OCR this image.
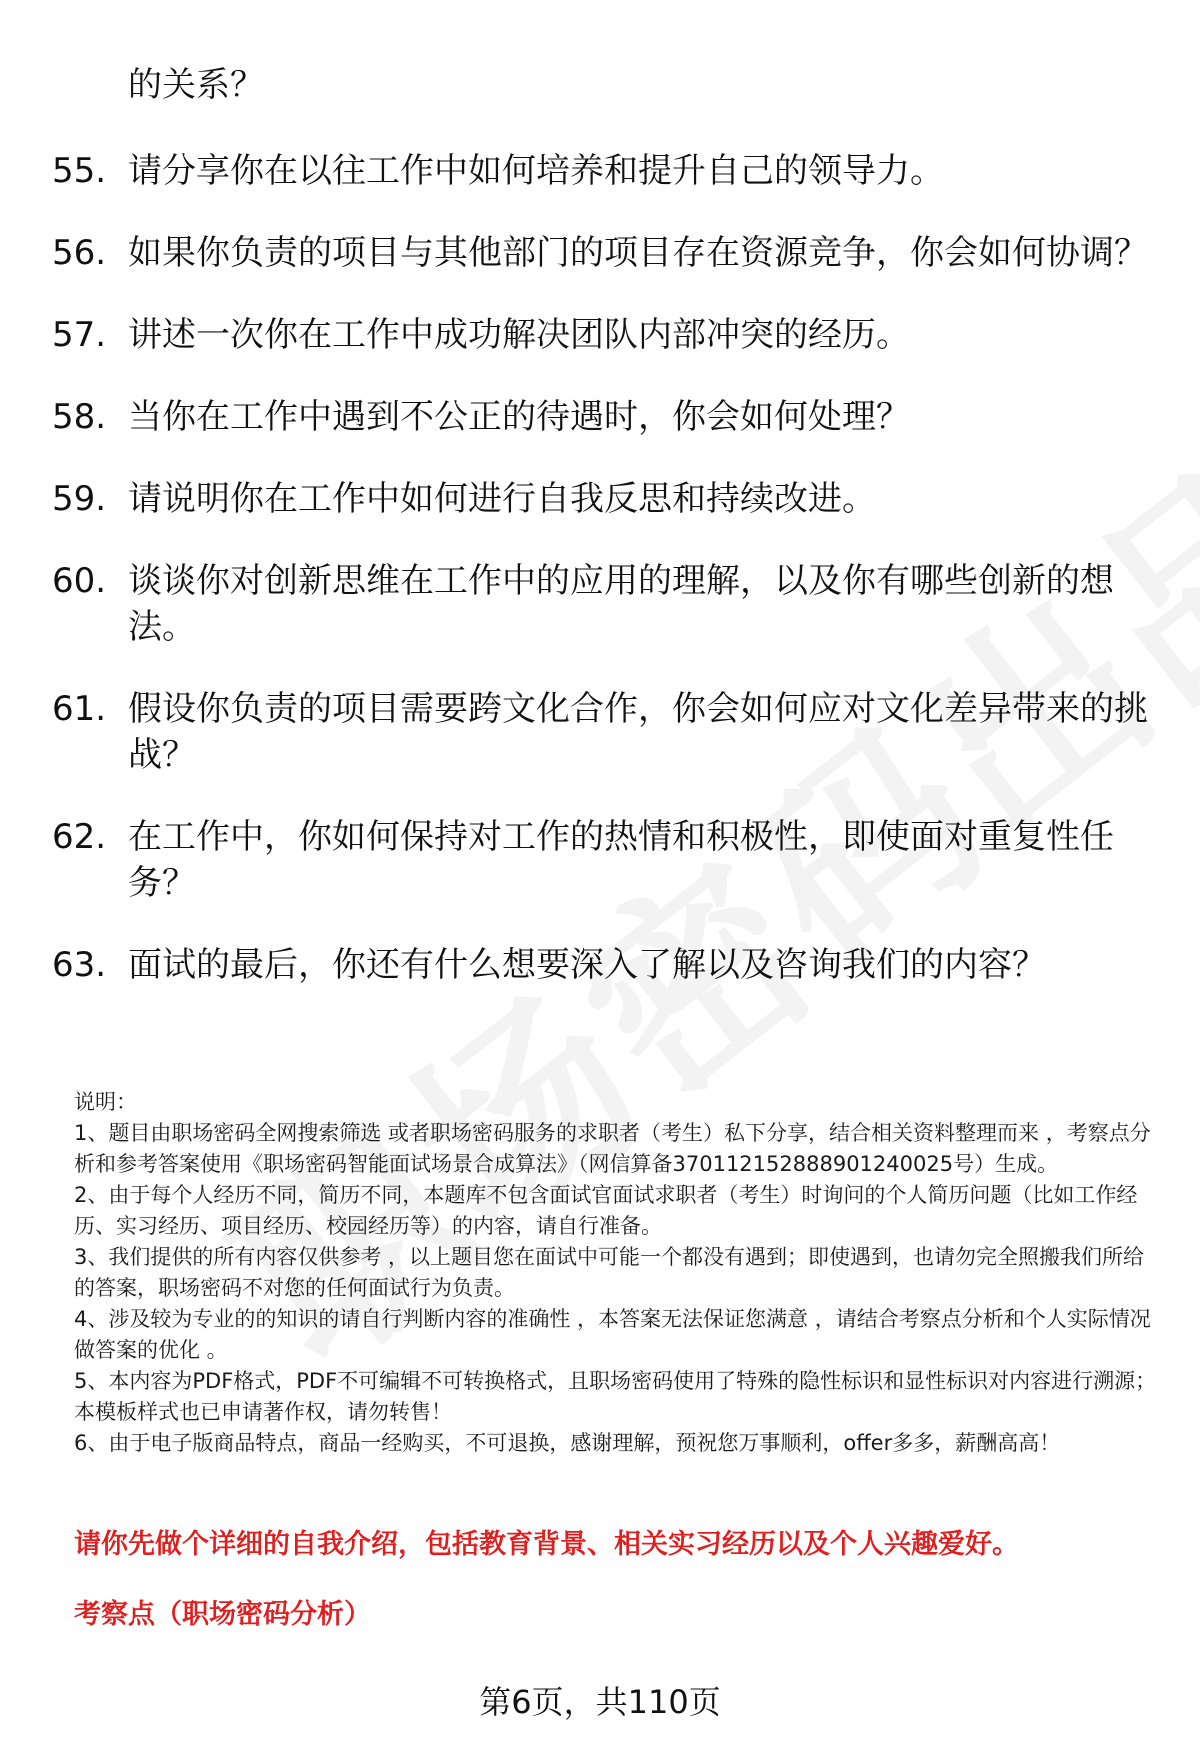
的关系？
55. 请分享你在以往工作中如何培养和提升自己的领导力。
56. 如果你负责的项目与其他部门的项目存在资源竞争，你会如何协调？
57. 讲述一次你在工作中成功解决团队内部冲突的经历。
58. 当你在工作中遇到不公正的待遇时，你会如何处理？
59. 请说明你在工作中如何进行自我反思和持续改进。
60. 谈谈你对创新思维在工作中的应用的理解，以及你有哪些创新的想法。
61. 假设你负责的项目需要跨文化合作，你会如何应对文化差异带来的挑战？
62. 在工作中，你如何保持对工作的热情和积极性，即使面对重复性任务？
63. 面试的最后，你还有什么想要深入了解以及咨询我们的内容？

说明：

1、题目由职场密码全网搜索筛选 或者职场密码服务的求职者（考生）私下分享，结合相关资料整理而来 ，考察点分析和参考答案使用《职场密码智能面试场景合成算法》（网信算备370112152888901240025号）生成。

2、由于每个人经历不同，简历不同，本题库不包含面试官面试求职者（考生）时询问的个人简历问题（比如工作经历、实习经历、项目经历、校园经历等）的内容，请自行准备。

3、我们提供的所有内容仅供参考 ，以上题目您在面试中可能一个都没有遇到；即使遇到，也请勿完全照搬我们所给的答案，职场密码不对您的任何面试行为负责。

4、涉及较为专业的的知识的请自行判断内容的准确性 ，本答案无法保证您满意 ，请结合考察点分析和个人实际情况做答案的优化 。

5、本内容为PDF格式，PDF不可编辑不可转换格式，且职场密码使用了特殊的隐性标识和显性标识对内容进行溯源；本模板样式也已申请著作权，请勿转售！

6、由于电子版商品特点，商品一经购买，不可退换，感谢理解，预祝您万事顺利，offer多多，薪酬高高！

请你先做个详细的自我介绍，包括教育背景、相关实习经历以及个人兴趣爱好。
考察点（职场密码分析）
第6页，共110页
